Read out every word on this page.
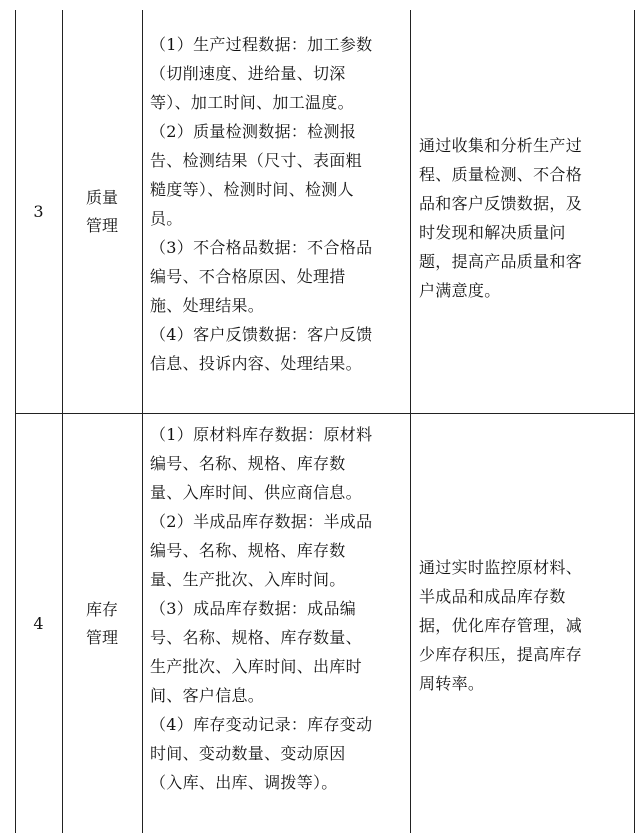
3
质量
管理
（1）生产过程数据：加工参数
（切削速度、进给量、切深
等）、加工时间、加工温度。
（2）质量检测数据：检测报
告、检测结果（尺寸、表面粗
糙度等）、检测时间、检测人
员。
（3）不合格品数据：不合格品
编号、不合格原因、处理措
施、处理结果。
（4）客户反馈数据：客户反馈
信息、投诉内容、处理结果。
通过收集和分析生产过
程、质量检测、不合格
品和客户反馈数据，及
时发现和解决质量问
题，提高产品质量和客
户满意度。
4
库存
管理
（1）原材料库存数据：原材料
编号、名称、规格、库存数
量、入库时间、供应商信息。
（2）半成品库存数据：半成品
编号、名称、规格、库存数
量、生产批次、入库时间。
（3）成品库存数据：成品编
号、名称、规格、库存数量、
生产批次、入库时间、出库时
间、客户信息。
（4）库存变动记录：库存变动
时间、变动数量、变动原因
（入库、出库、调拨等）。
通过实时监控原材料、
半成品和成品库存数
据，优化库存管理，减
少库存积压，提高库存
周转率。
